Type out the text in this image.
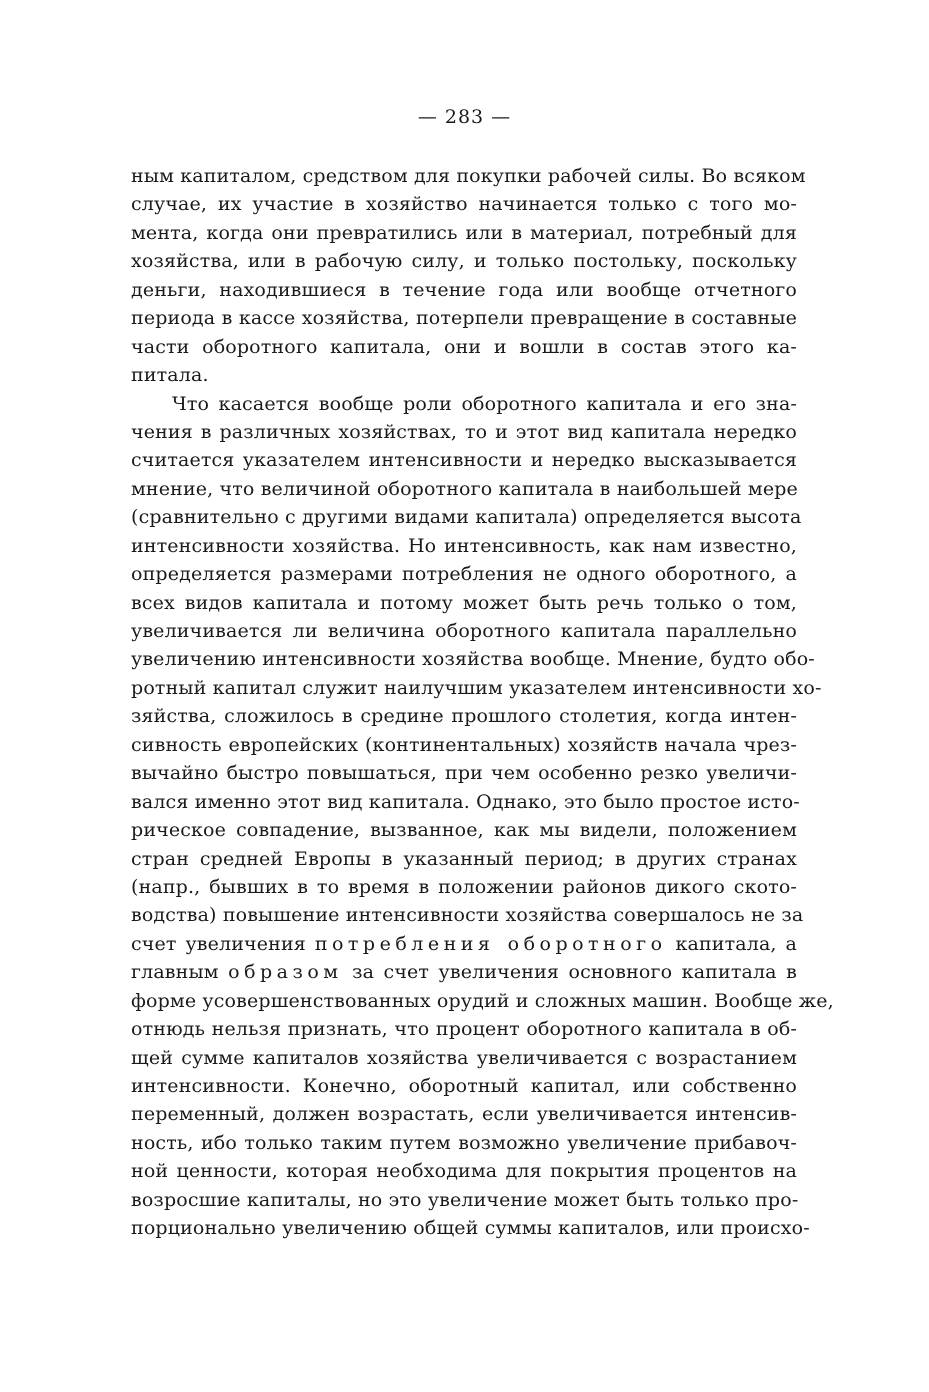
— 283 —
ным капиталом, средством для покупки рабочей силы. Во всяком
случае, их участие в хозяйство начинается только с того мо-
мента, когда они превратились или в материал, потребный для
хозяйства, или в рабочую силу, и только постольку, поскольку
деньги, находившиеся в течение года или вообще отчетного
периода в кассе хозяйства, потерпели превращение в составные
части оборотного капитала, они и вошли в состав этого ка-
питала.
Что касается вообще роли оборотного капитала и его зна-
чения в различных хозяйствах, то и этот вид капитала нередко
считается указателем интенсивности и нередко высказывается
мнение, что величиной оборотного капитала в наибольшей мере
(сравнительно с другими видами капитала) определяется высота
интенсивности хозяйства. Но интенсивность, как нам известно,
определяется размерами потребления не одного оборотного, а
всех видов капитала и потому может быть речь только о том,
увеличивается ли величина оборотного капитала параллельно
увеличению интенсивности хозяйства вообще. Мнение, будто обо-
ротный капитал служит наилучшим указателем интенсивности хо-
зяйства, сложилось в средине прошлого столетия, когда интен-
сивность европейских (континентальных) хозяйств начала чрез-
вычайно быстро повышаться, при чем особенно резко увеличи-
вался именно этот вид капитала. Однако, это было простое исто-
рическое совпадение, вызванное, как мы видели, положением
стран средней Европы в указанный период; в других странах
(напр., бывших в то время в положении районов дикого ското-
водства) повышение интенсивности хозяйства совершалось не за
счет увеличения потребления оборотного капитала, а
главным образом за счет увеличения основного капитала в
форме усовершенствованных орудий и сложных машин. Вообще же,
отнюдь нельзя признать, что процент оборотного капитала в об-
щей сумме капиталов хозяйства увеличивается с возрастанием
интенсивности. Конечно, оборотный капитал, или собственно
переменный, должен возрастать, если увеличивается интенсив-
ность, ибо только таким путем возможно увеличение прибавоч-
ной ценности, которая необходима для покрытия процентов на
возросшие капиталы, но это увеличение может быть только про-
порционально увеличению общей суммы капиталов, или происхо-
